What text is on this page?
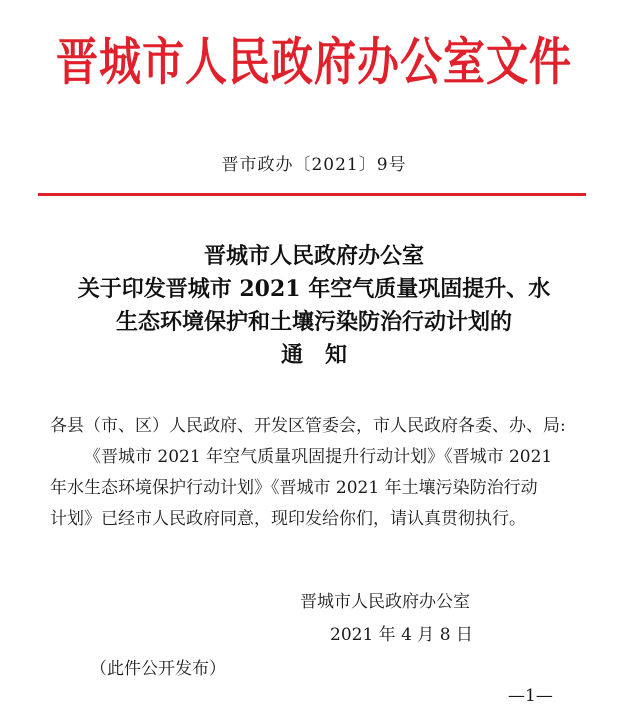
晋城市人民政府办公室文件
晋市政办〔2021〕9号
晋城市人民政府办公室
关于印发晋城市 2021 年空气质量巩固提升、水
生态环境保护和土壤污染防治行动计划的
通　知
各县（市、区）人民政府、开发区管委会，市人民政府各委、办、局:
《晋城市 2021 年空气质量巩固提升行动计划》《晋城市 2021
年水生态环境保护行动计划》《晋城市 2021 年土壤污染防治行动
计划》已经市人民政府同意，现印发给你们，请认真贯彻执行。
晋城市人民政府办公室
2021 年 4 月 8 日
（此件公开发布）
—1—
